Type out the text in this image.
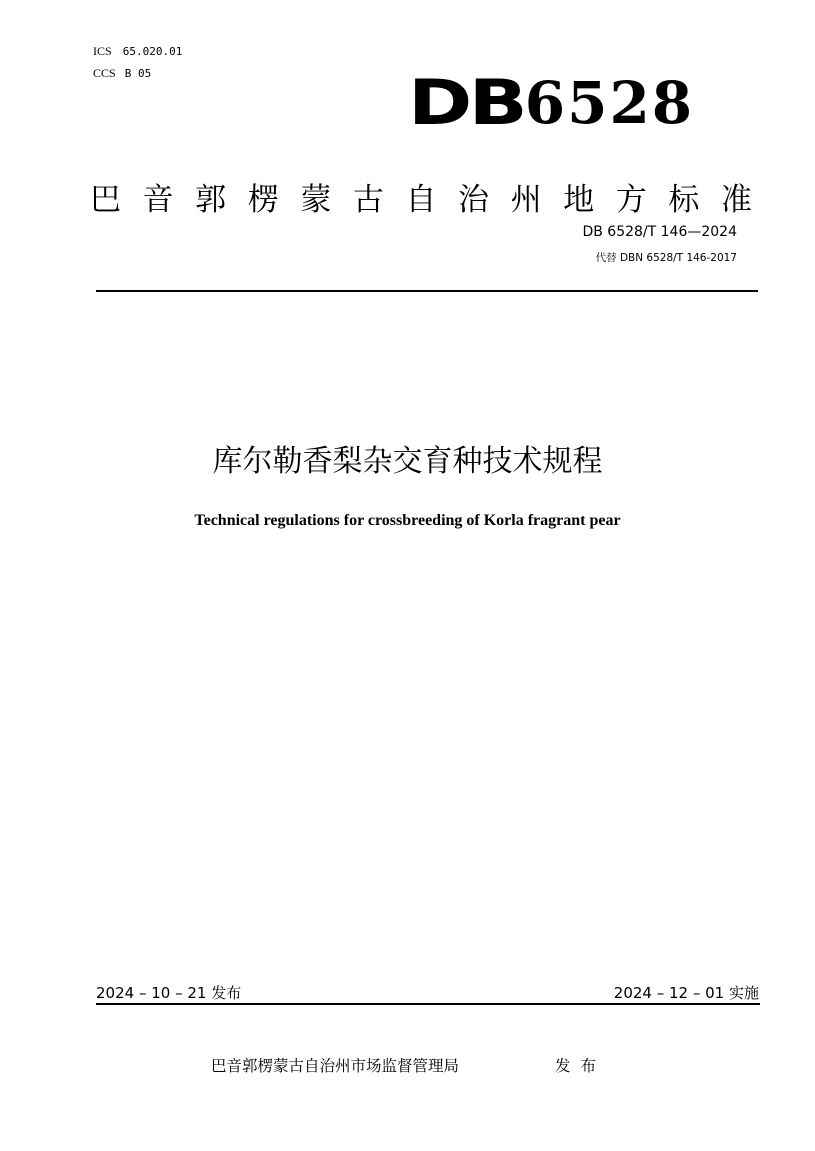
ICS 65.020.01
CCS B 05	DB 6528
巴 音 郭 楞 蒙 古 自 治 州 地 方 标 准
DB 6528/T 146—2024
代替 DBN 6528/T 146-2017
库尔勒香梨杂交育种技术规程
Technical regulations for crossbreeding of Korla fragrant pear
2024 – 10 – 21 发布	2024 – 12 – 01 实施
巴音郭楞蒙古自治州市场监督管理局	发布
